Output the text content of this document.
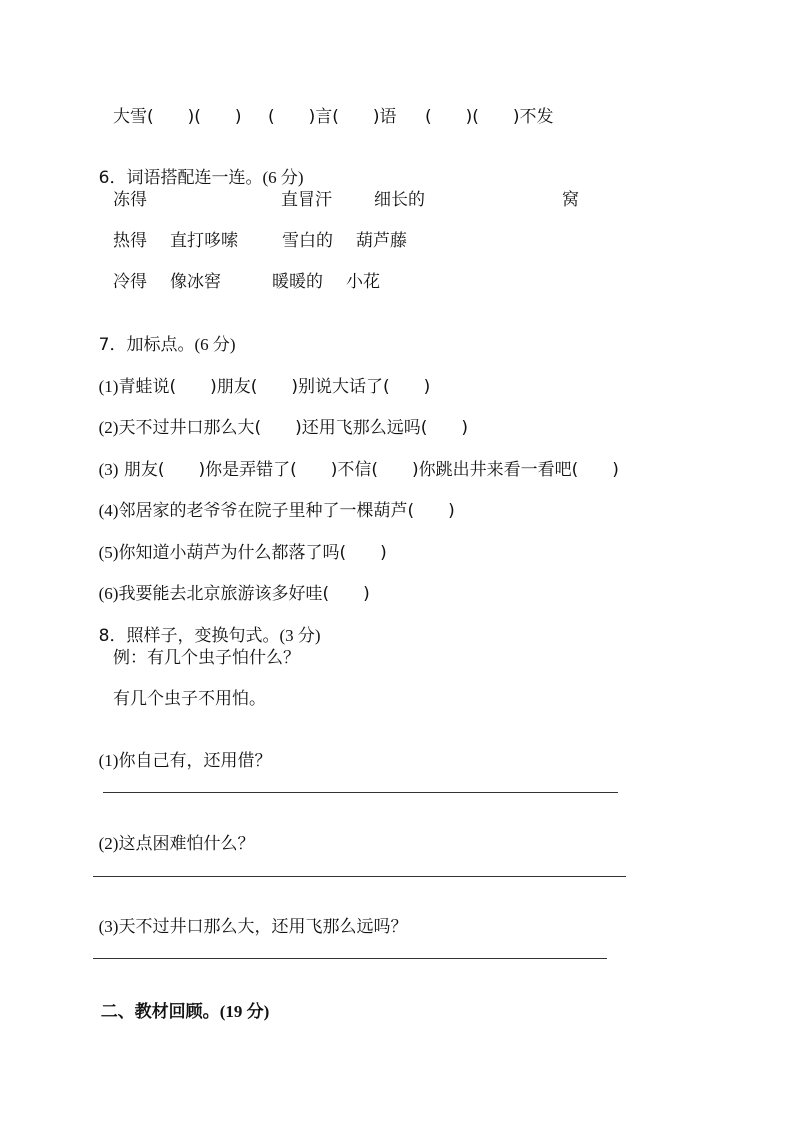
大雪(　　)(　　) (　　)言(　　)语 (　　)(　　)不发

6．词语搭配连一连。(6 分)

冻得	直冒汗 细长的	窝
热得 直打哆嗦	雪白的 葫芦藤
冷得 像冰窖	暖暖的 小花

7．加标点。(6 分)

(1)青蛙说(　　)朋友(　　)别说大话了(　　)

(2)天不过井口那么大(　　)还用飞那么远吗(　　)

(3) 朋友(　　)你是弄错了(　　)不信(　　)你跳出井来看一看吧(　　)

(4)邻居家的老爷爷在院子里种了一棵葫芦(　　)

(5)你知道小葫芦为什么都落了吗(　　)

(6)我要能去北京旅游该多好哇(　　)

8．照样子，变换句式。(3 分)

例：有几个虫子怕什么？
有几个虫子不用怕。

(1)你自己有，还用借？

(2)这点困难怕什么？

(3)天不过井口那么大，还用飞那么远吗？

二、教材回顾。(19 分)
